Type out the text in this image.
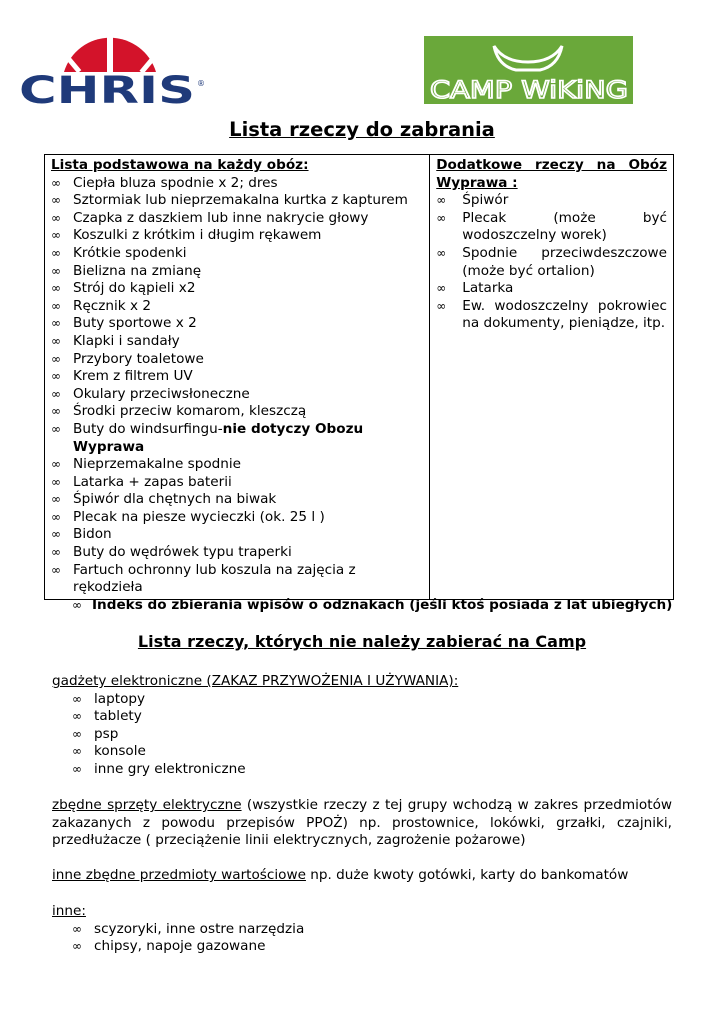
CHRIS ®	CAMP WiKiNG
Lista rzeczy do zabrania
Lista podstawowa na każdy obóz:
∞ Ciepła bluza spodnie x 2; dres
∞ Sztormiak lub nieprzemakalna kurtka z kapturem
∞ Czapka z daszkiem lub inne nakrycie głowy
∞ Koszulki z krótkim i długim rękawem
∞ Krótkie spodenki
∞ Bielizna na zmianę
∞ Strój do kąpieli x2
∞ Ręcznik x 2
∞ Buty sportowe x 2
∞ Klapki i sandały
∞ Przybory toaletowe
∞ Krem z filtrem UV
∞ Okulary przeciwsłoneczne
∞ Środki przeciw komarom, kleszczą
∞ Buty do windsurfingu-nie dotyczy Obozu Wyprawa
∞ Nieprzemakalne spodnie
∞ Latarka + zapas baterii
∞ Śpiwór dla chętnych na biwak
∞ Plecak na piesze wycieczki (ok. 25 l )
∞ Bidon
∞ Buty do wędrówek typu traperki
∞ Fartuch ochronny lub koszula na zajęcia z rękodzieła

Dodatkowe rzeczy na Obóz Wyprawa :
∞	Śpiwór
∞	Plecak (może być wodoszczelny worek)
∞	Spodnie przeciwdeszczowe (może być ortalion)
∞	Latarka
∞	Ew. wodoszczelny pokrowiec na dokumenty, pieniądze, itp.
∞ Indeks do zbierania wpisów o odznakach (jeśli ktoś posiada z lat ubiegłych)
Lista rzeczy, których nie należy zabierać na Camp
gadżety elektroniczne (ZAKAZ PRZYWOŻENIA I UŻYWANIA):
∞ laptopy
∞ tablety
∞ psp
∞ konsole
∞ inne gry elektroniczne
zbędne sprzęty elektryczne (wszystkie rzeczy z tej grupy wchodzą w zakres przedmiotów zakazanych z powodu przepisów PPOŻ) np. prostownice, lokówki, grzałki, czajniki, przedłużacze ( przeciążenie linii elektrycznych, zagrożenie pożarowe)
inne zbędne przedmioty wartościowe np. duże kwoty gotówki, karty do bankomatów
inne:
∞ scyzoryki, inne ostre narzędzia
∞ chipsy, napoje gazowane
